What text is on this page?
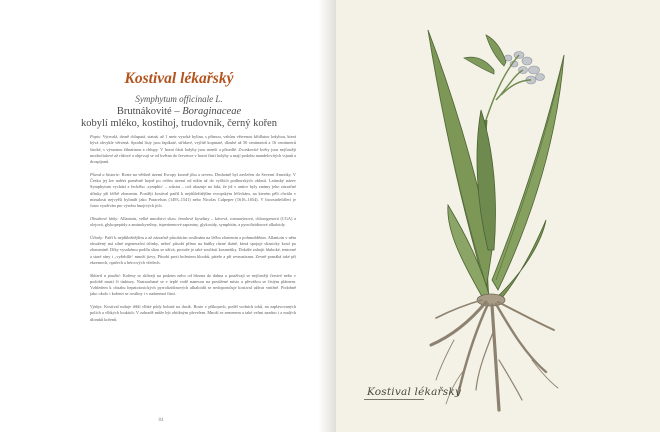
Kostival lékařský
Symphytum officinale L.
Brutnákovité – Boraginaceae
kobylí mléko, kostihoj, trudovník, černý kořen

Popis: Vytrvalá, drsně chlupatá, statná, až 1 metr vysoká bylina, s přímou, vzhůru větvenou křídlatou lodyhou, která bývá obvykle větvená. Spodní listy jsou řapíkaté, střídavé, vejčitě kopinaté, dlouhé až 50 centimetrů a 16 centimetrů široké, s výraznou žilnatinou a chlupy. V horní části lodyhy jsou menší a přisedlé. Zvonkovité květy jsou nejčastěji modrofialové až růžové a objevují se od května do července v horní části lodyhy a mají podobu mandelovitých vijanů a drospíjanů.

Původ a historie: Roste na většině území Evropy kromě jihu a severu. Druhotně byl zavlečen do Severní Ameriky. V Česku jej lze nalézt poměrně hojně po celém území od nížin až do vyšších podhorských oblastí. Latinský název Symphytum vychází z řeckého ‚symphis‘ – srůstat – což ukazuje na fakt, že již v antice byly známy jeho zázračné účinky při léčbě zlomenin. Později kostival patřil k nejdůležitějším evropským léčivkám, na kterém pěli chválu v minulosti nejvyšší bylináři jako Paracelsus (1493–1541) nebo Nicolas Culpeper (1616–1654). V bioostrdelifferi je často využíván pro výrobu hnojivých jích.

Obsahové látky: Allantoin, velké množství slizu, fenolové kyseliny – kávová, rozmarýnová, chlorogenová (CGA) a olejová, glykopeptidy a aminokyseliny, triperinenové saponiny, glykosidy, symphitin, a pyrrolizidinové alkaloidy.

Účinky: Patří k nejdůležitějším a až zázračně působícím rostlinám na léčbu zlomenin a pohmožděnin. Allantoin v něm obsažený má silné regenerační účinky, neboť působí přímo na buňky různé tkáně, která spojuje sliznicky kostí po zlomenině. Díky vysokému podílu slizu se užívá, protože je také součástí kosmetiky. Dokáže zahojit hluboké, tentorné a staré rány i „vyžebílit“ množí jizvy. Působí proti bolestem kloubů, páteře a při revmatismu. Zevně pomáhá také při ekzemech, opařech a bércových vředech.

Sklizeň a použití: Kořeny se sklízejí na podzim nebo od března do dubna a používají se nejčastěji čerstvé nebo v podobě mastí či tinktury. Nastrouhané se v teplé vodě nanesou na postižené místo a převážou se čistým plátnem. Vzhledem k obsahu hepatotoxických pyrrolizidinových alkaloidů se nedoporučuje kostival užívat vnitřně. Podobně jako okolo i kořenit se rostliny i v nadzemní části.

Výskyt: Kostival miluje těžší vlhké půdy bohaté na dusík. Roste v příkopech, podél vodních toků, na zaplavovaných polích a vlhkých loukách. V zahradě může být obtížným plevelem. Množí se semenem a také velmi snadno i z malých úlomků kořenů.

84
Kostival lékařský
